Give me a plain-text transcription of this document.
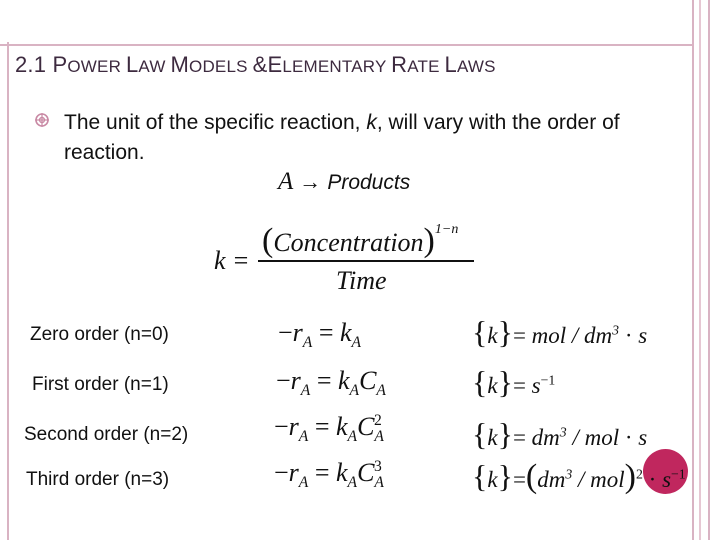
2.1 POWER LAW MODELS &ELEMENTARY RATE LAWS
The unit of the specific reaction, k, will vary with the order of reaction.
A → Products
k =
(Concentration)$^{1-n}$
Time
Zero order (n=0)	$-r_A = k_A$	{k}= mol / $dm^3 \cdot s$
First order (n=1)	$-r_A = k_AC_A$	$\{k\}= s^{-1}$
Second order (n=2)	$-r_A = k_AC_A^2$	$\{k\}= dm^3$ / mol · s
Third order (n=3)	$-r_A = k_AC_A^3$	$\{k\}=(dm^3 / mol)^2 \cdot s^{-1}$
